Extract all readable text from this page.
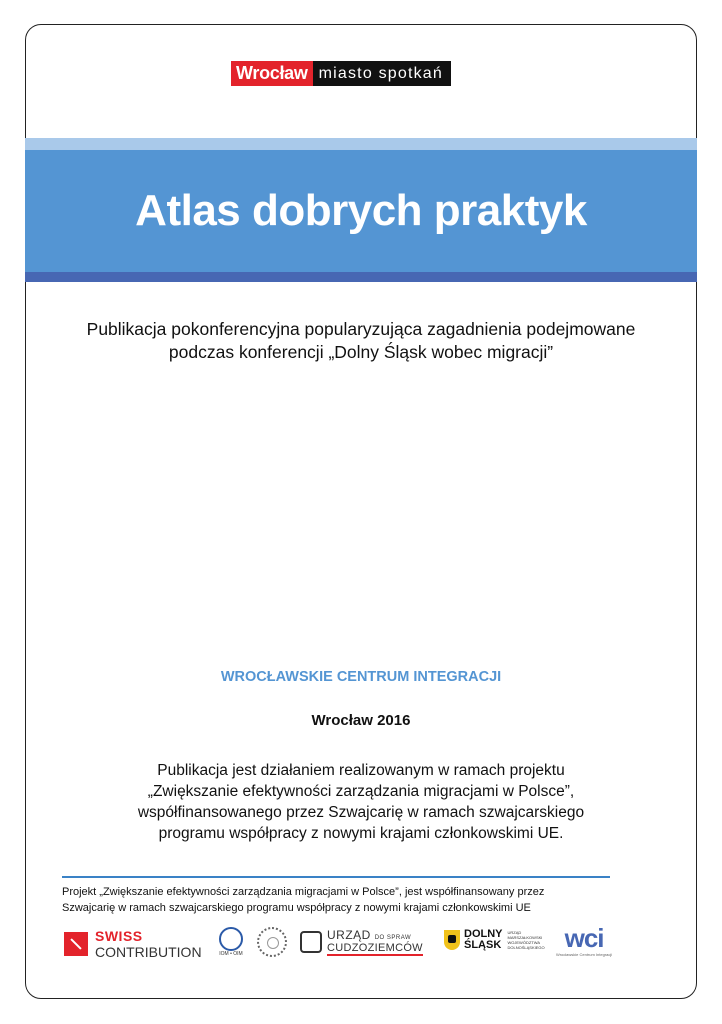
Wrocław miasto spotkań
Atlas dobrych praktyk
Publikacja pokonferencyjna popularyzująca zagadnienia podejmowane
podczas konferencji „Dolny Śląsk wobec migracji”
WROCŁAWSKIE CENTRUM INTEGRACJI
Wrocław 2016
Publikacja jest działaniem realizowanym w ramach projektu
„Zwiększanie efektywności zarządzania migracjami w Polsce”,
współfinansowanego przez Szwajcarię w ramach szwajcarskiego
programu współpracy z nowymi krajami członkowskimi UE.
Projekt „Zwiększanie efektywności zarządzania migracjami w Polsce”, jest współfinansowany przez
Szwajcarię w ramach szwajcarskiego programu współpracy z nowymi krajami członkowskimi UE
SWISS
CONTRIBUTION	IOM • OIM
URZĄD DO SPRAW
CUDZOZIEMCÓW
DOLNY
ŚLĄSK
URZĄD MARSZAŁKOWSKI WOJEWÓDZTWA DOLNOŚLĄSKIEGO wci
Wrocławskie Centrum Integracji
